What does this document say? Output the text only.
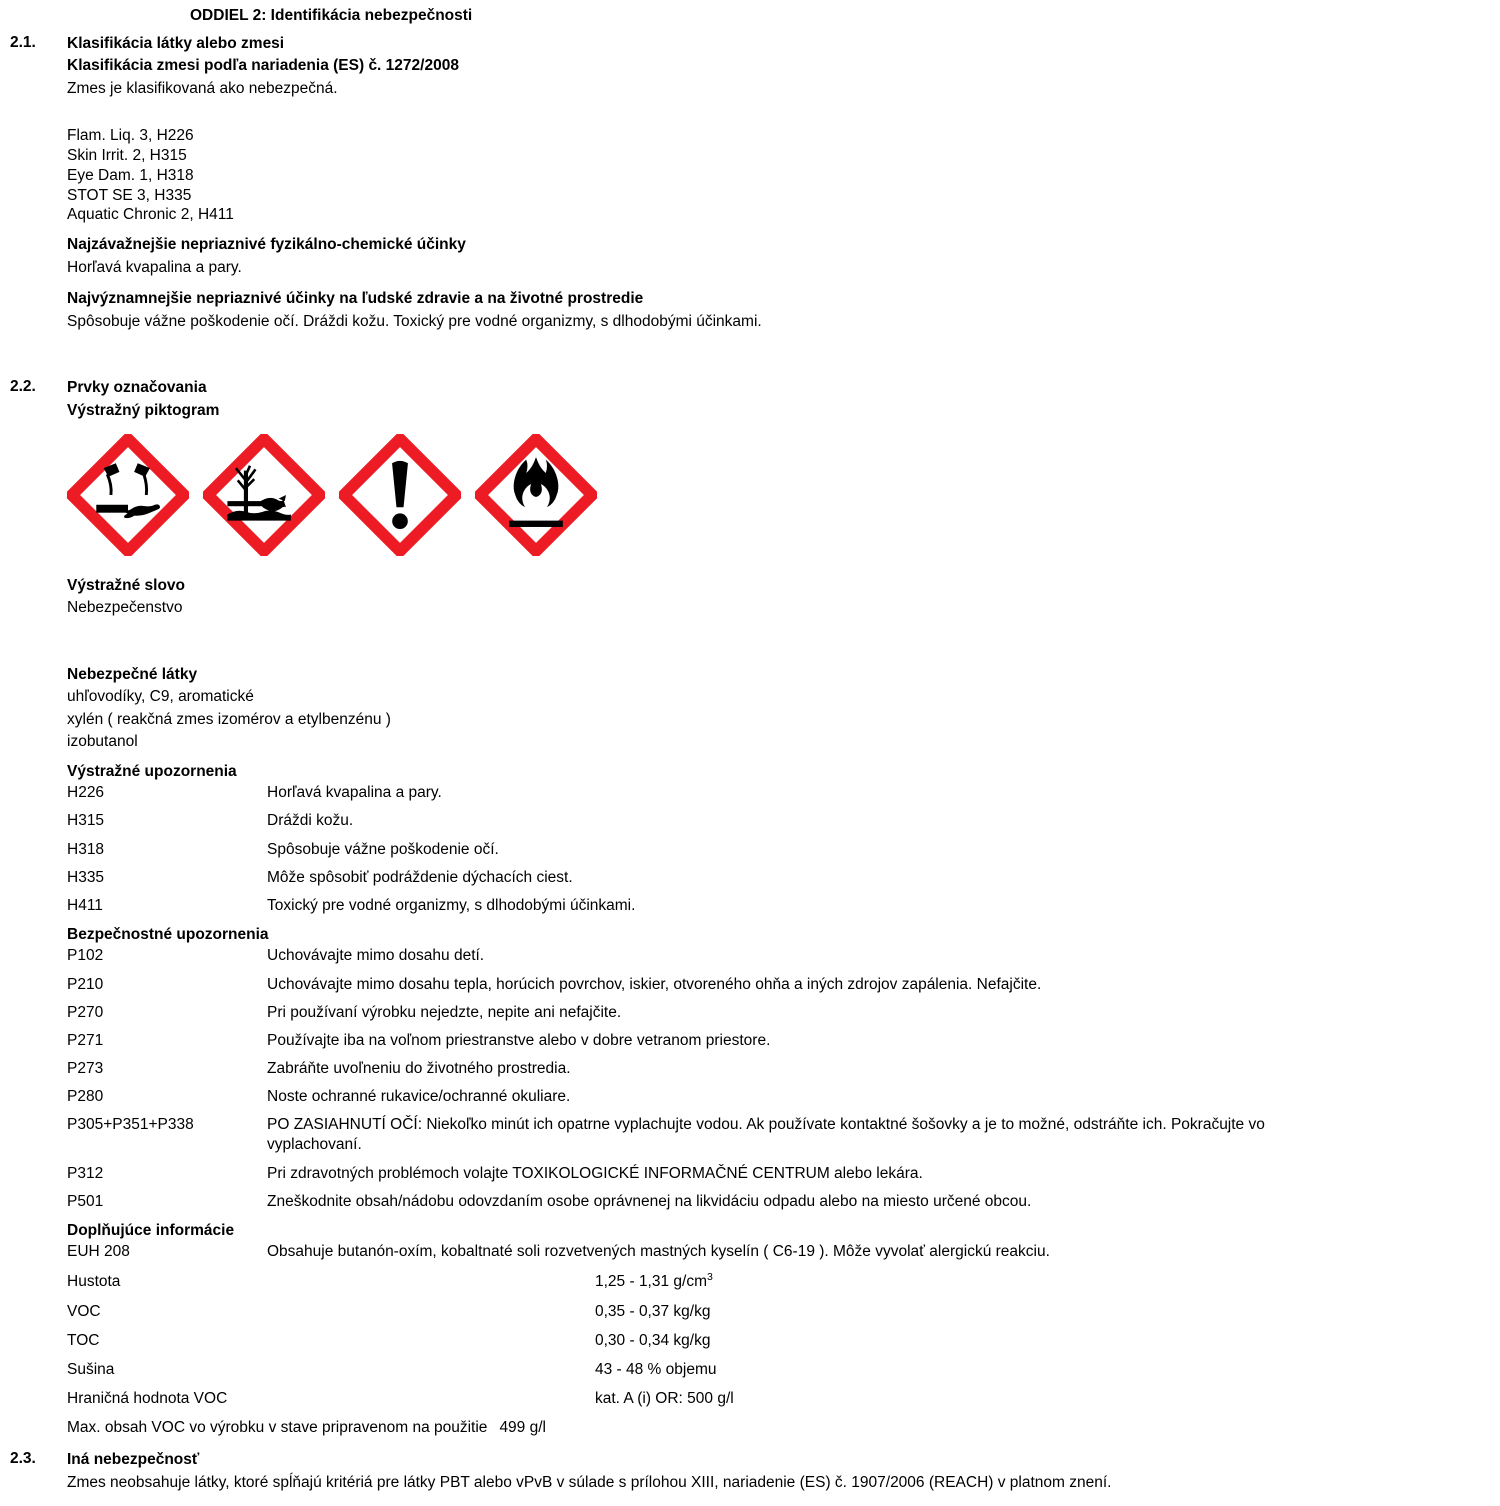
ODDIEL 2: Identifikácia nebezpečnosti
2.1.	Klasifikácia látky alebo zmesi
Klasifikácia zmesi podľa nariadenia (ES) č. 1272/2008

Zmes je klasifikovaná ako nebezpečná.

Flam. Liq. 3, H226
Skin Irrit. 2, H315
Eye Dam. 1, H318
STOT SE 3, H335
Aquatic Chronic 2, H411
Najzávažnejšie nepriaznivé fyzikálno-chemické účinky

Horľavá kvapalina a pary.

Najvýznamnejšie nepriaznivé účinky na ľudské zdravie a na životné prostredie

Spôsobuje vážne poškodenie očí. Dráždi kožu. Toxický pre vodné organizmy, s dlhodobými účinkami.

2.2.	Prvky označovania
Výstražný piktogram
Výstražné slovo

Nebezpečenstvo

Nebezpečné látky
uhľovodíky, C9, aromatické
xylén ( reakčná zmes izomérov a etylbenzénu )
izobutanol
Výstražné upozornenia
H226	Horľavá kvapalina a pary.
H315	Dráždi kožu.
H318	Spôsobuje vážne poškodenie očí.
H335	Môže spôsobiť podráždenie dýchacích ciest.
H411	Toxický pre vodné organizmy, s dlhodobými účinkami.
Bezpečnostné upozornenia
P102	Uchovávajte mimo dosahu detí.
P210	Uchovávajte mimo dosahu tepla, horúcich povrchov, iskier, otvoreného ohňa a iných zdrojov zapálenia. Nefajčite.
P270	Pri používaní výrobku nejedzte, nepite ani nefajčite.
P271	Používajte iba na voľnom priestranstve alebo v dobre vetranom priestore.
P273	Zabráňte uvoľneniu do životného prostredia.
P280	Noste ochranné rukavice/ochranné okuliare.
P305+P351+P338	PO ZASIAHNUTÍ OČÍ: Niekoľko minút ich opatrne vyplachujte vodou. Ak používate kontaktné šošovky a je to možné, odstráňte ich. Pokračujte vo vyplachovaní.
P312	Pri zdravotných problémoch volajte TOXIKOLOGICKÉ INFORMAČNÉ CENTRUM alebo lekára.
P501	Zneškodnite obsah/nádobu odovzdaním osobe oprávnenej na likvidáciu odpadu alebo na miesto určené obcou.
Doplňujúce informácie
EUH 208	Obsahuje butanón-oxím, kobaltnaté soli rozvetvených mastných kyselín ( C6-19 ). Môže vyvolať alergickú reakciu.
Hustota	1,25 - 1,31 $g/cm^3$
VOC	0,35 - 0,37 kg/kg
TOC	0,30 - 0,34 kg/kg
Sušina	43 - 48 % objemu
Hraničná hodnota VOC	kat. A (i) OR: 500 g/l
Max. obsah VOC vo výrobku v stave pripravenom na použitie 499 g/l
2.3.	Iná nebezpečnosť

Zmes neobsahuje látky, ktoré spĺňajú kritériá pre látky PBT alebo vPvB v súlade s prílohou XIII, nariadenie (ES) č. 1907/2006 (REACH) v platnom znení.
